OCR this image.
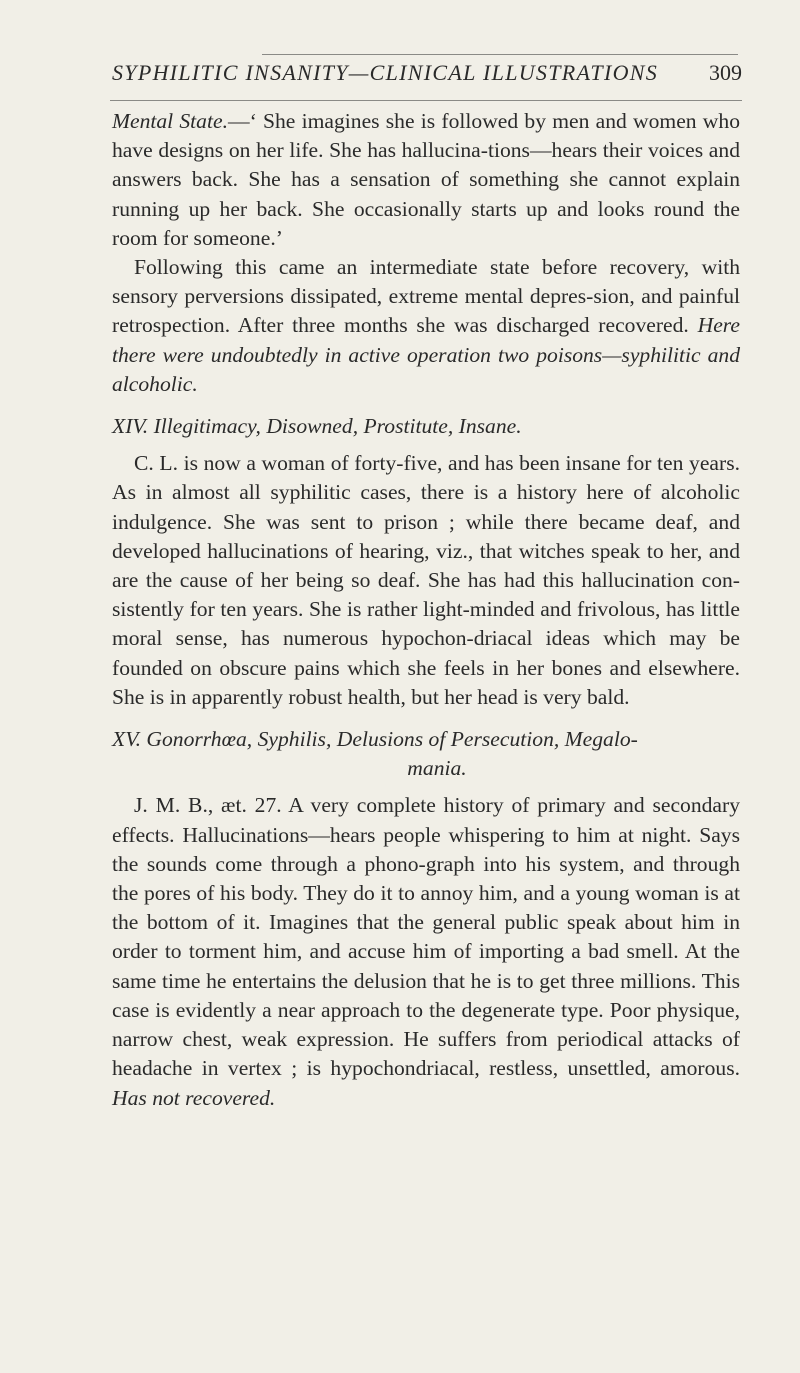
SYPHILITIC INSANITY—CLINICAL ILLUSTRATIONS 309

Mental State.—‘ She imagines she is followed by men and women who have designs on her life. She has hallucina-tions—hears their voices and answers back. She has a sensation of something she cannot explain running up her back. She occasionally starts up and looks round the room for someone.’

Following this came an intermediate state before recovery, with sensory perversions dissipated, extreme mental depres-sion, and painful retrospection. After three months she was discharged recovered. Here there were undoubtedly in active operation two poisons—syphilitic and alcoholic.

XIV. Illegitimacy, Disowned, Prostitute, Insane.

C. L. is now a woman of forty-five, and has been insane for ten years. As in almost all syphilitic cases, there is a history here of alcoholic indulgence. She was sent to prison ; while there became deaf, and developed hallucinations of hearing, viz., that witches speak to her, and are the cause of her being so deaf. She has had this hallucination con-sistently for ten years. She is rather light-minded and frivolous, has little moral sense, has numerous hypochon-driacal ideas which may be founded on obscure pains which she feels in her bones and elsewhere. She is in apparently robust health, but her head is very bald.

XV. Gonorrhœa, Syphilis, Delusions of Persecution, Megalo-
mania.

J. M. B., æt. 27. A very complete history of primary and secondary effects. Hallucinations—hears people whispering to him at night. Says the sounds come through a phono-graph into his system, and through the pores of his body. They do it to annoy him, and a young woman is at the bottom of it. Imagines that the general public speak about him in order to torment him, and accuse him of importing a bad smell. At the same time he entertains the delusion that he is to get three millions. This case is evidently a near approach to the degenerate type. Poor physique, narrow chest, weak expression. He suffers from periodical attacks of headache in vertex ; is hypochondriacal, restless, unsettled, amorous. Has not recovered.
